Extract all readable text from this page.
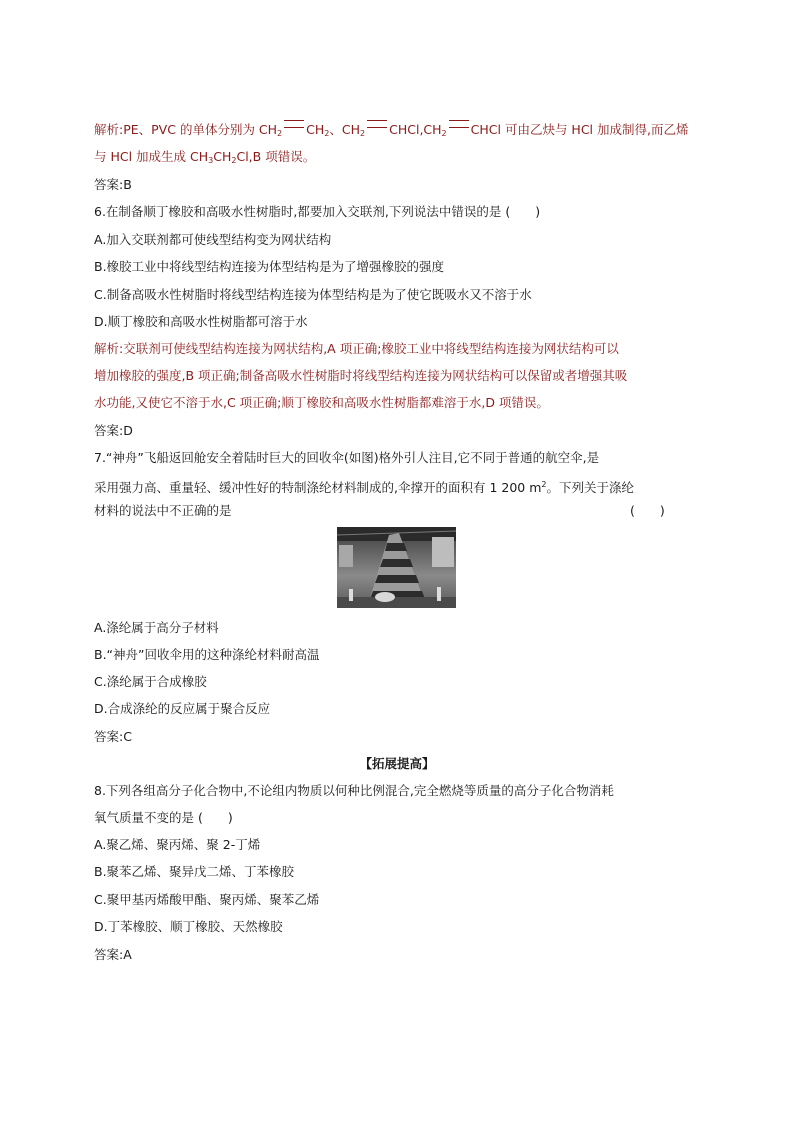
解析:PE、PVC 的单体分别为 $CH_2$ $CH_2$、$CH_2$ $CHCl,CH_2$ CHCl 可由乙炔与 HCl 加成制得,而乙烯
与 HCl 加成生成 $CH_3CH_2Cl,B$ 项错误。
答案:B
6.在制备顺丁橡胶和高吸水性树脂时,都要加入交联剂,下列说法中错误的是 (　　)
A.加入交联剂都可使线型结构变为网状结构
B.橡胶工业中将线型结构连接为体型结构是为了增强橡胶的强度
C.制备高吸水性树脂时将线型结构连接为体型结构是为了使它既吸水又不溶于水
D.顺丁橡胶和高吸水性树脂都可溶于水
解析:交联剂可使线型结构连接为网状结构,A 项正确;橡胶工业中将线型结构连接为网状结构可以
增加橡胶的强度,B 项正确;制备高吸水性树脂时将线型结构连接为网状结构可以保留或者增强其吸
水功能,又使它不溶于水,C 项正确;顺丁橡胶和高吸水性树脂都难溶于水,D 项错误。
答案:D
7.“神舟”飞船返回舱安全着陆时巨大的回收伞(如图)格外引人注目,它不同于普通的航空伞,是
采用强力高、重量轻、缓冲性好的特制涤纶材料制成的,伞撑开的面积有 1 200 $m^2$。下列关于涤纶
材料的说法中不正确的是	(　　)
A.涤纶属于高分子材料
B.“神舟”回收伞用的这种涤纶材料耐高温
C.涤纶属于合成橡胶
D.合成涤纶的反应属于聚合反应
答案:C
【拓展提高】
8.下列各组高分子化合物中,不论组内物质以何种比例混合,完全燃烧等质量的高分子化合物消耗
氧气质量不变的是 (　　)
A.聚乙烯、聚丙烯、聚 2-丁烯
B.聚苯乙烯、聚异戊二烯、丁苯橡胶
C.聚甲基丙烯酸甲酯、聚丙烯、聚苯乙烯
D.丁苯橡胶、顺丁橡胶、天然橡胶
答案:A
